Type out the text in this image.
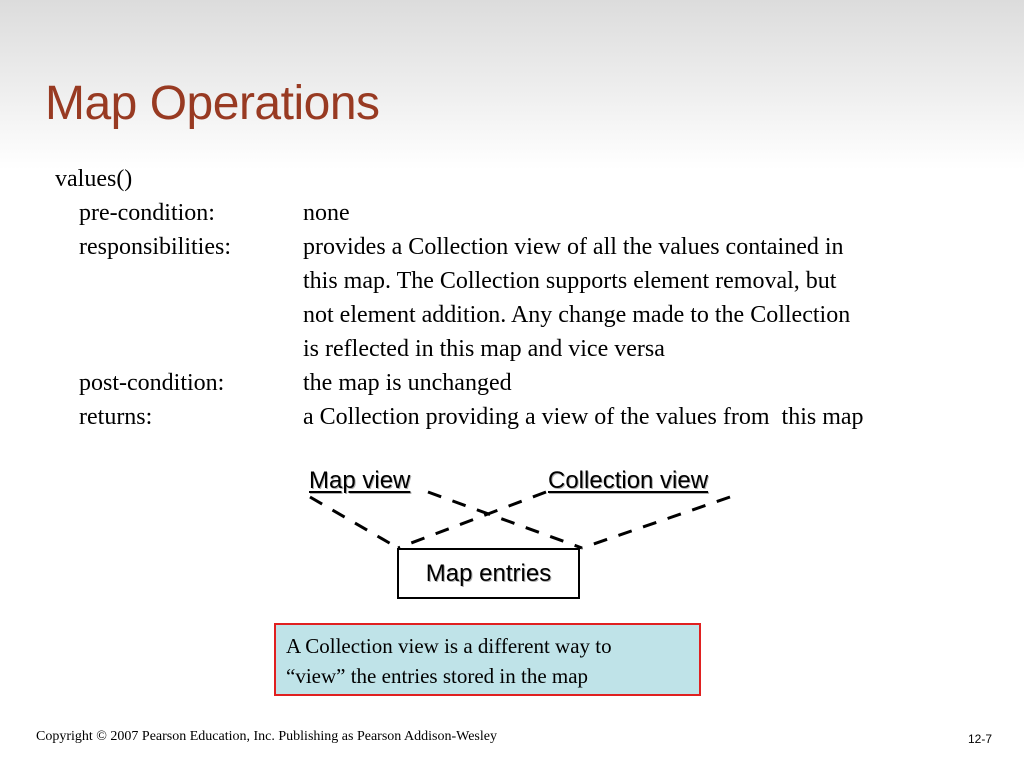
Map Operations
values()
pre-condition:	none
responsibilities:	provides a Collection view of all the values contained in
this map. The Collection supports element removal, but
not element addition. Any change made to the Collection
is reflected in this map and vice versa
post-condition:	the map is unchanged
returns:	a Collection providing a view of the values from  this map
Map view	Collection view
Map entries
A Collection view is a different way to
“view” the entries stored in the map
Copyright © 2007 Pearson Education, Inc. Publishing as Pearson Addison-Wesley	12-7
